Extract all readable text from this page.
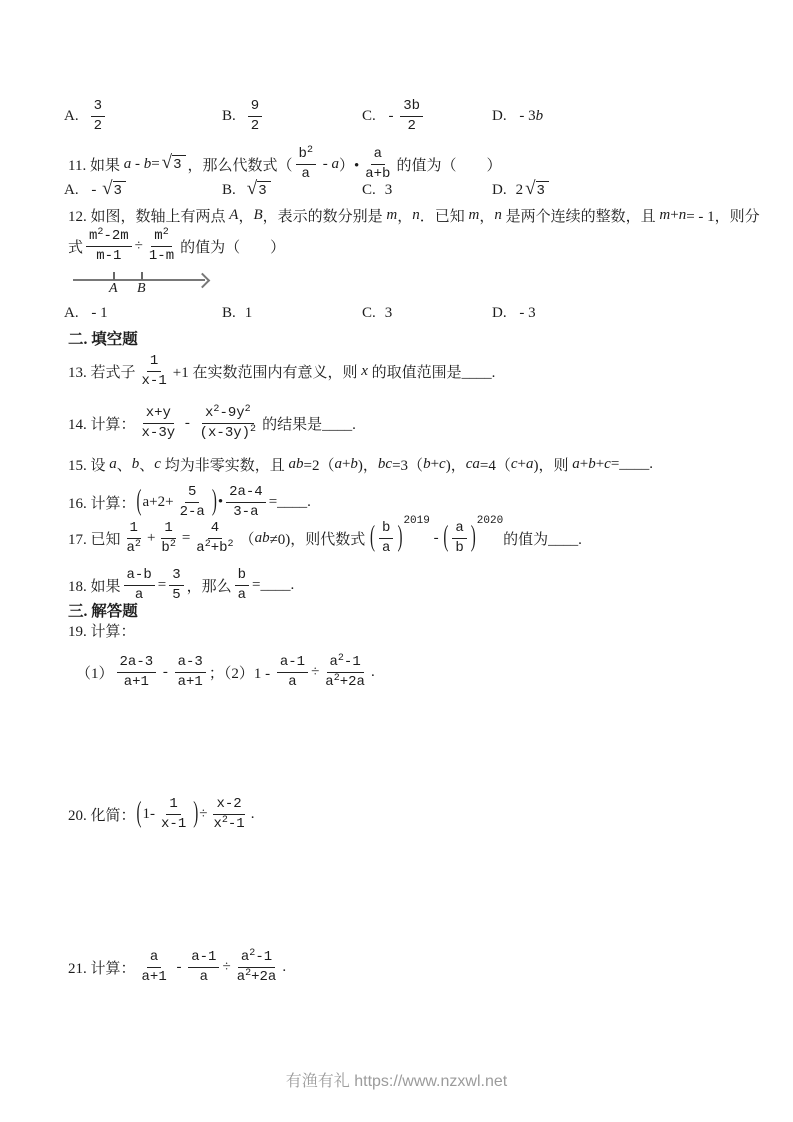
A. $\frac{3}{2}$	B. $\frac{9}{2}$	C. - $\frac{3b}{2}$	D. - 3 b
11. 如果 a - b = √ 3 ，那么代数式（ $\frac{b^2}{a}$ - a ）• $\frac{a}{a+b}$ 的值为（　　）
A. - √ 3	B. √ 3	C. 3	D. 2 √ 3
12. 如图，数轴上有两点 A ， B ，表示的数分别是 m ， n ．已知 m ， n 是两个连续的整数，且 m + n = - 1，则分
式 $\frac{m^2-2m}{m-1} \div \frac{m^2}{1-m}$ 的值为（　　）
A B
A. - 1	B. 1	C. 3	D. - 3
二. 填空题
13. 若式子 $\frac{1}{x-1} +1$ 在实数范围内有意义，则 x 的取值范围是____.
14. 计算： $\frac{x+y}{x-3y} - \frac{x^2-9y^2}{(x-3y)^2}$ 的结果是____.
15. 设 a 、 b 、 c 均为非零实数，且 ab =2（ a + b )， bc =3（ b + c )， ca =4（ c + a )，则 a + b + c =____.
16. 计算： ( $a+2+ \frac{5}{2-a}$ ) • $\frac{2a-4}{3-a}$ =____.
17. 已知 $\frac{1}{a^2} + \frac{1}{b^2} = \frac{4}{a^2+b^2}$ （ ab ≠0)，则代数式 ( $\frac{b}{a}$ ) 2019
- ( $\frac{a}{b}$ ) 2020
的值为____.
18. 如果 $\frac{a-b}{a} = \frac{3}{5}$ ，那么 $\frac{b}{a}$ =____.
三. 解答题
19. 计算：
$(1) \frac{2a-3}{a+1} - \frac{a-3}{a+1}$ ；$(2)1 - \frac{a-1}{a} \div \frac{a^2-1}{a^2+2a}$ .
20. 化简： ( $1- \frac{1}{x-1}$ ) ÷ $\frac{x-2}{x^2-1}$ .
21. 计算： $\frac{a}{a+1} - \frac{a-1}{a} \div \frac{a^2-1}{a^2+2a}$ .
有渔有礼 https://www.nzxwl.net
